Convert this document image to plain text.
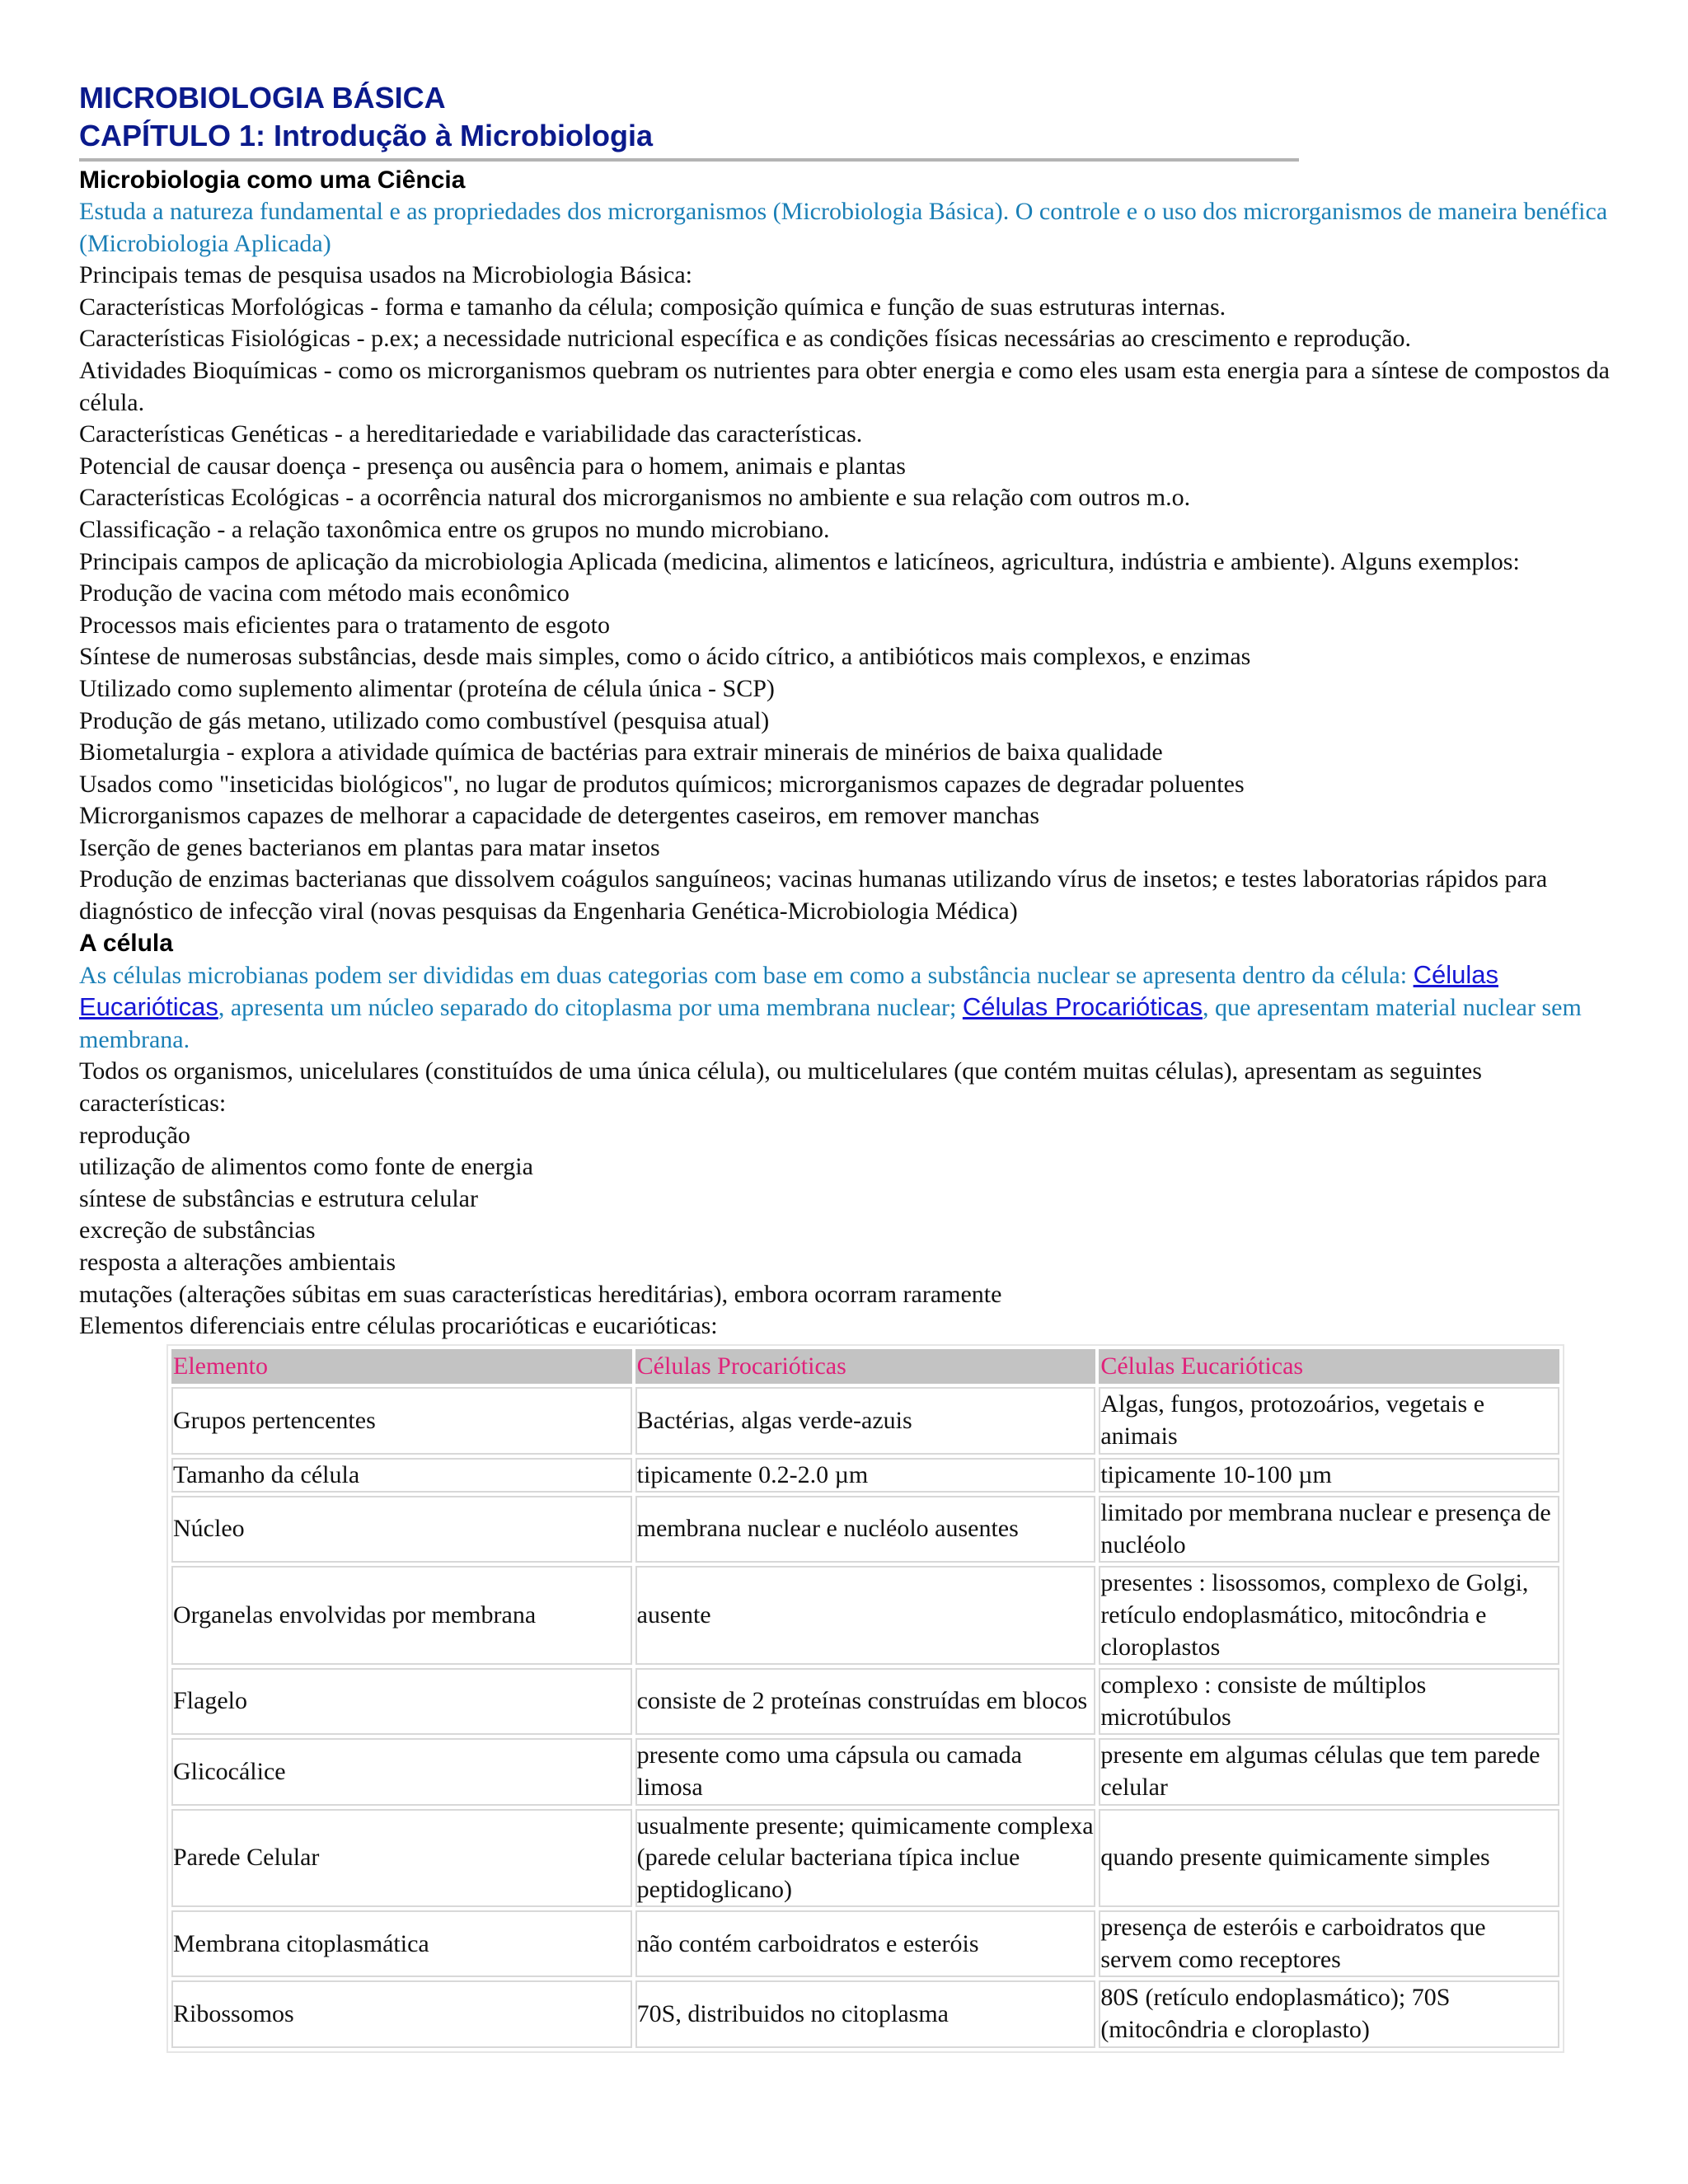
MICROBIOLOGIA BÁSICA
CAPÍTULO 1: Introdução à Microbiologia
Microbiologia como uma Ciência

Estuda a natureza fundamental e as propriedades dos microrganismos (Microbiologia Básica). O controle e o uso dos microrganismos de maneira benéfica (Microbiologia Aplicada)

Principais temas de pesquisa usados na Microbiologia Básica:

Características Morfológicas - forma e tamanho da célula; composição química e função de suas estruturas internas.

Características Fisiológicas - p.ex; a necessidade nutricional específica e as condições físicas necessárias ao crescimento e reprodução.

Atividades Bioquímicas - como os microrganismos quebram os nutrientes para obter energia e como eles usam esta energia para a síntese de compostos da célula.

Características Genéticas - a hereditariedade e variabilidade das características.

Potencial de causar doença - presença ou ausência para o homem, animais e plantas

Características Ecológicas - a ocorrência natural dos microrganismos no ambiente e sua relação com outros m.o.

Classificação - a relação taxonômica entre os grupos no mundo microbiano.

Principais campos de aplicação da microbiologia Aplicada (medicina, alimentos e laticíneos, agricultura, indústria e ambiente). Alguns exemplos:

Produção de vacina com método mais econômico

Processos mais eficientes para o tratamento de esgoto

Síntese de numerosas substâncias, desde mais simples, como o ácido cítrico, a antibióticos mais complexos, e enzimas

Utilizado como suplemento alimentar (proteína de célula única - SCP)

Produção de gás metano, utilizado como combustível (pesquisa atual)

Biometalurgia - explora a atividade química de bactérias para extrair minerais de minérios de baixa qualidade

Usados como "inseticidas biológicos", no lugar de produtos químicos; microrganismos capazes de degradar poluentes

Microrganismos capazes de melhorar a capacidade de detergentes caseiros, em remover manchas

Iserção de genes bacterianos em plantas para matar insetos

Produção de enzimas bacterianas que dissolvem coágulos sanguíneos; vacinas humanas utilizando vírus de insetos; e testes laboratorias rápidos para diagnóstico de infecção viral (novas pesquisas da Engenharia Genética-Microbiologia Médica)

A célula

As células microbianas podem ser divididas em duas categorias com base em como a substância nuclear se apresenta dentro da célula: Células Eucarióticas, apresenta um núcleo separado do citoplasma por uma membrana nuclear; Células Procarióticas, que apresentam material nuclear sem membrana.

Todos os organismos, unicelulares (constituídos de uma única célula), ou multicelulares (que contém muitas células), apresentam as seguintes características:

reprodução

utilização de alimentos como fonte de energia

síntese de substâncias e estrutura celular

excreção de substâncias

resposta a alterações ambientais

mutações (alterações súbitas em suas características hereditárias), embora ocorram raramente

Elementos diferenciais entre células procarióticas e eucarióticas:

Elemento	Células Procarióticas	Células Eucarióticas
Grupos pertencentes	Bactérias, algas verde-azuis	Algas, fungos, protozoários, vegetais e animais
Tamanho da célula	tipicamente 0.2-2.0 µm	tipicamente 10-100 µm
Núcleo	membrana nuclear e nucléolo ausentes	limitado por membrana nuclear e presença de nucléolo
Organelas envolvidas por membrana	ausente	presentes : lisossomos, complexo de Golgi, retículo endoplasmático, mitocôndria e cloroplastos
Flagelo	consiste de 2 proteínas construídas em blocos	complexo : consiste de múltiplos microtúbulos
Glicocálice	presente como uma cápsula ou camada limosa	presente em algumas células que tem parede celular
Parede Celular	usualmente presente; quimicamente complexa (parede celular bacteriana típica inclue peptidoglicano)	quando presente quimicamente simples
Membrana citoplasmática	não contém carboidratos e esteróis	presença de esteróis e carboidratos que servem como receptores
Ribossomos	70S, distribuidos no citoplasma	80S (retículo endoplasmático); 70S (mitocôndria e cloroplasto)
